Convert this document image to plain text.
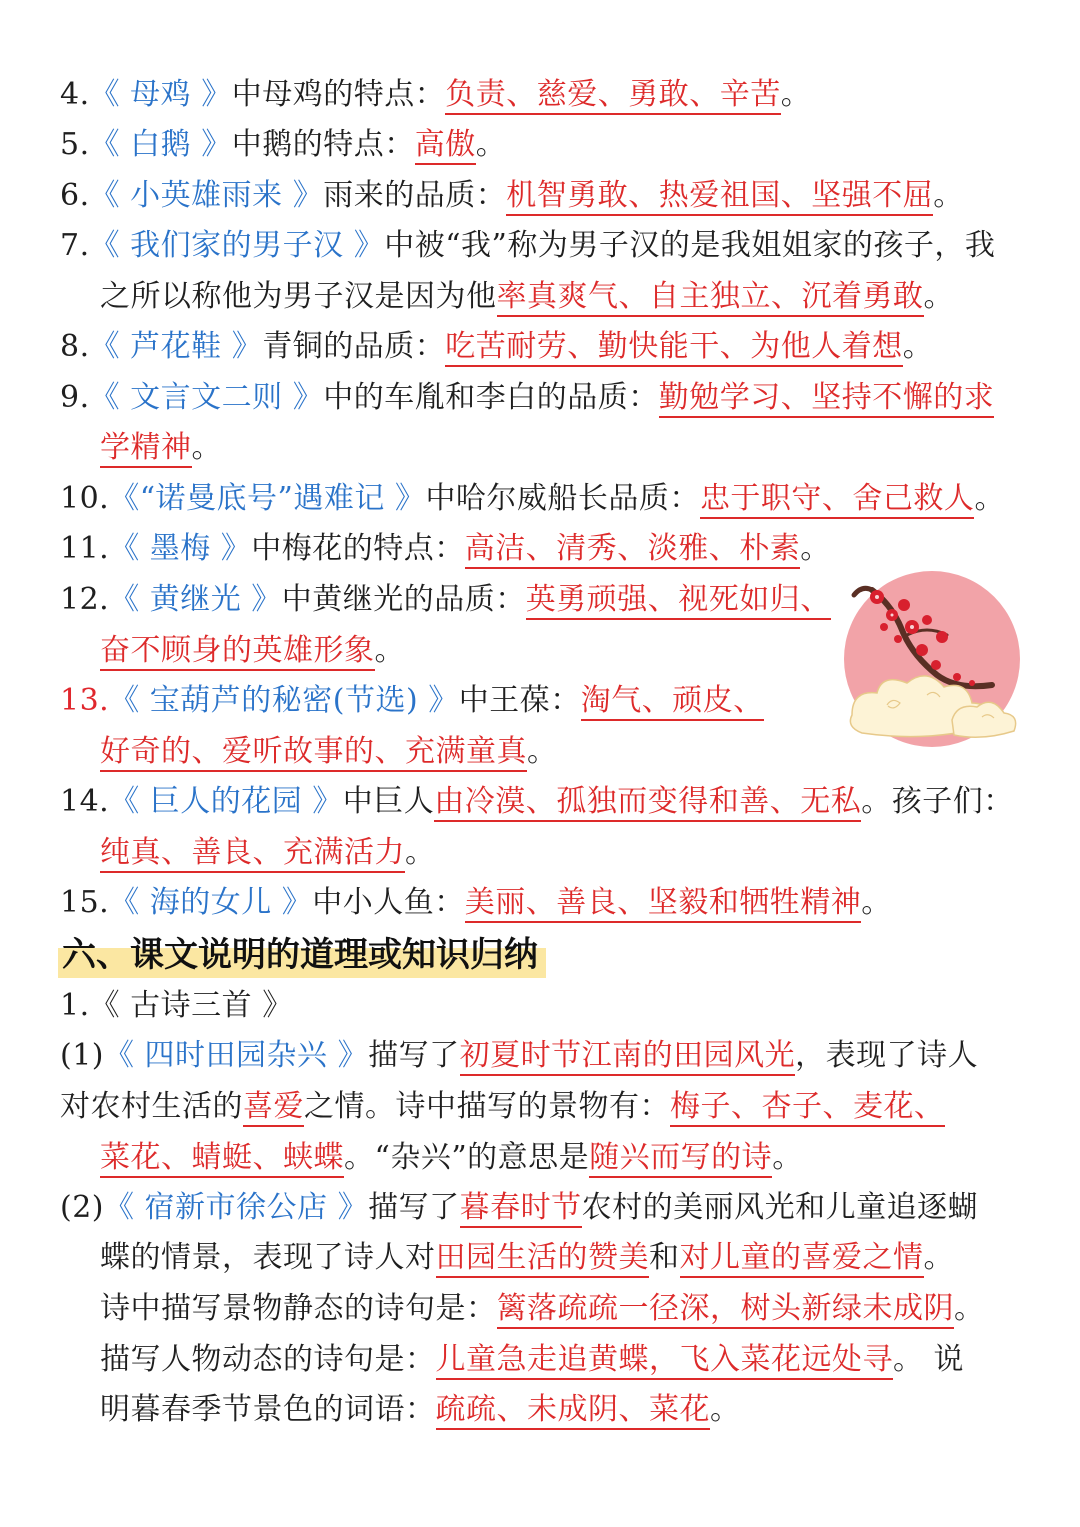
4.《 母鸡 》中母鸡的特点：负责、慈爱、勇敢、辛苦。
5.《 白鹅 》中鹅的特点：高傲。
6.《 小英雄雨来 》雨来的品质：机智勇敢、热爱祖国、坚强不屈。
7.《 我们家的男子汉 》中被“我”称为男子汉的是我姐姐家的孩子，我
之所以称他为男子汉是因为他率真爽气、自主独立、沉着勇敢。
8.《 芦花鞋 》青铜的品质：吃苦耐劳、勤快能干、为他人着想。
9.《 文言文二则 》中的车胤和李白的品质：勤勉学习、坚持不懈的求
学精神。
10.《“诺曼底号”遇难记 》中哈尔威船长品质：忠于职守、舍己救人。
11.《 墨梅 》中梅花的特点：高洁、清秀、淡雅、朴素。
12.《 黄继光 》中黄继光的品质：英勇顽强、视死如归、
奋不顾身的英雄形象。
13.《 宝葫芦的秘密(节选) 》中王葆：淘气、顽皮、
好奇的、爱听故事的、充满童真。
14.《 巨人的花园 》中巨人由冷漠、孤独而变得和善、无私。孩子们：
纯真、善良、充满活力。
15.《 海的女儿 》中小人鱼：美丽、善良、坚毅和牺牲精神。
六、课文说明的道理或知识归纳
1.《 古诗三首 》
(1)《 四时田园杂兴 》描写了初夏时节江南的田园风光，表现了诗人
对农村生活的喜爱之情。诗中描写的景物有：梅子、杏子、麦花、
菜花、蜻蜓、蛱蝶。“杂兴”的意思是随兴而写的诗。
(2)《 宿新市徐公店 》描写了暮春时节农村的美丽风光和儿童追逐蝴
蝶的情景，表现了诗人对田园生活的赞美和对儿童的喜爱之情。
诗中描写景物静态的诗句是：篱落疏疏一径深，树头新绿未成阴。
描写人物动态的诗句是：儿童急走追黄蝶，飞入菜花远处寻。 说
明暮春季节景色的词语：疏疏、未成阴、菜花。
